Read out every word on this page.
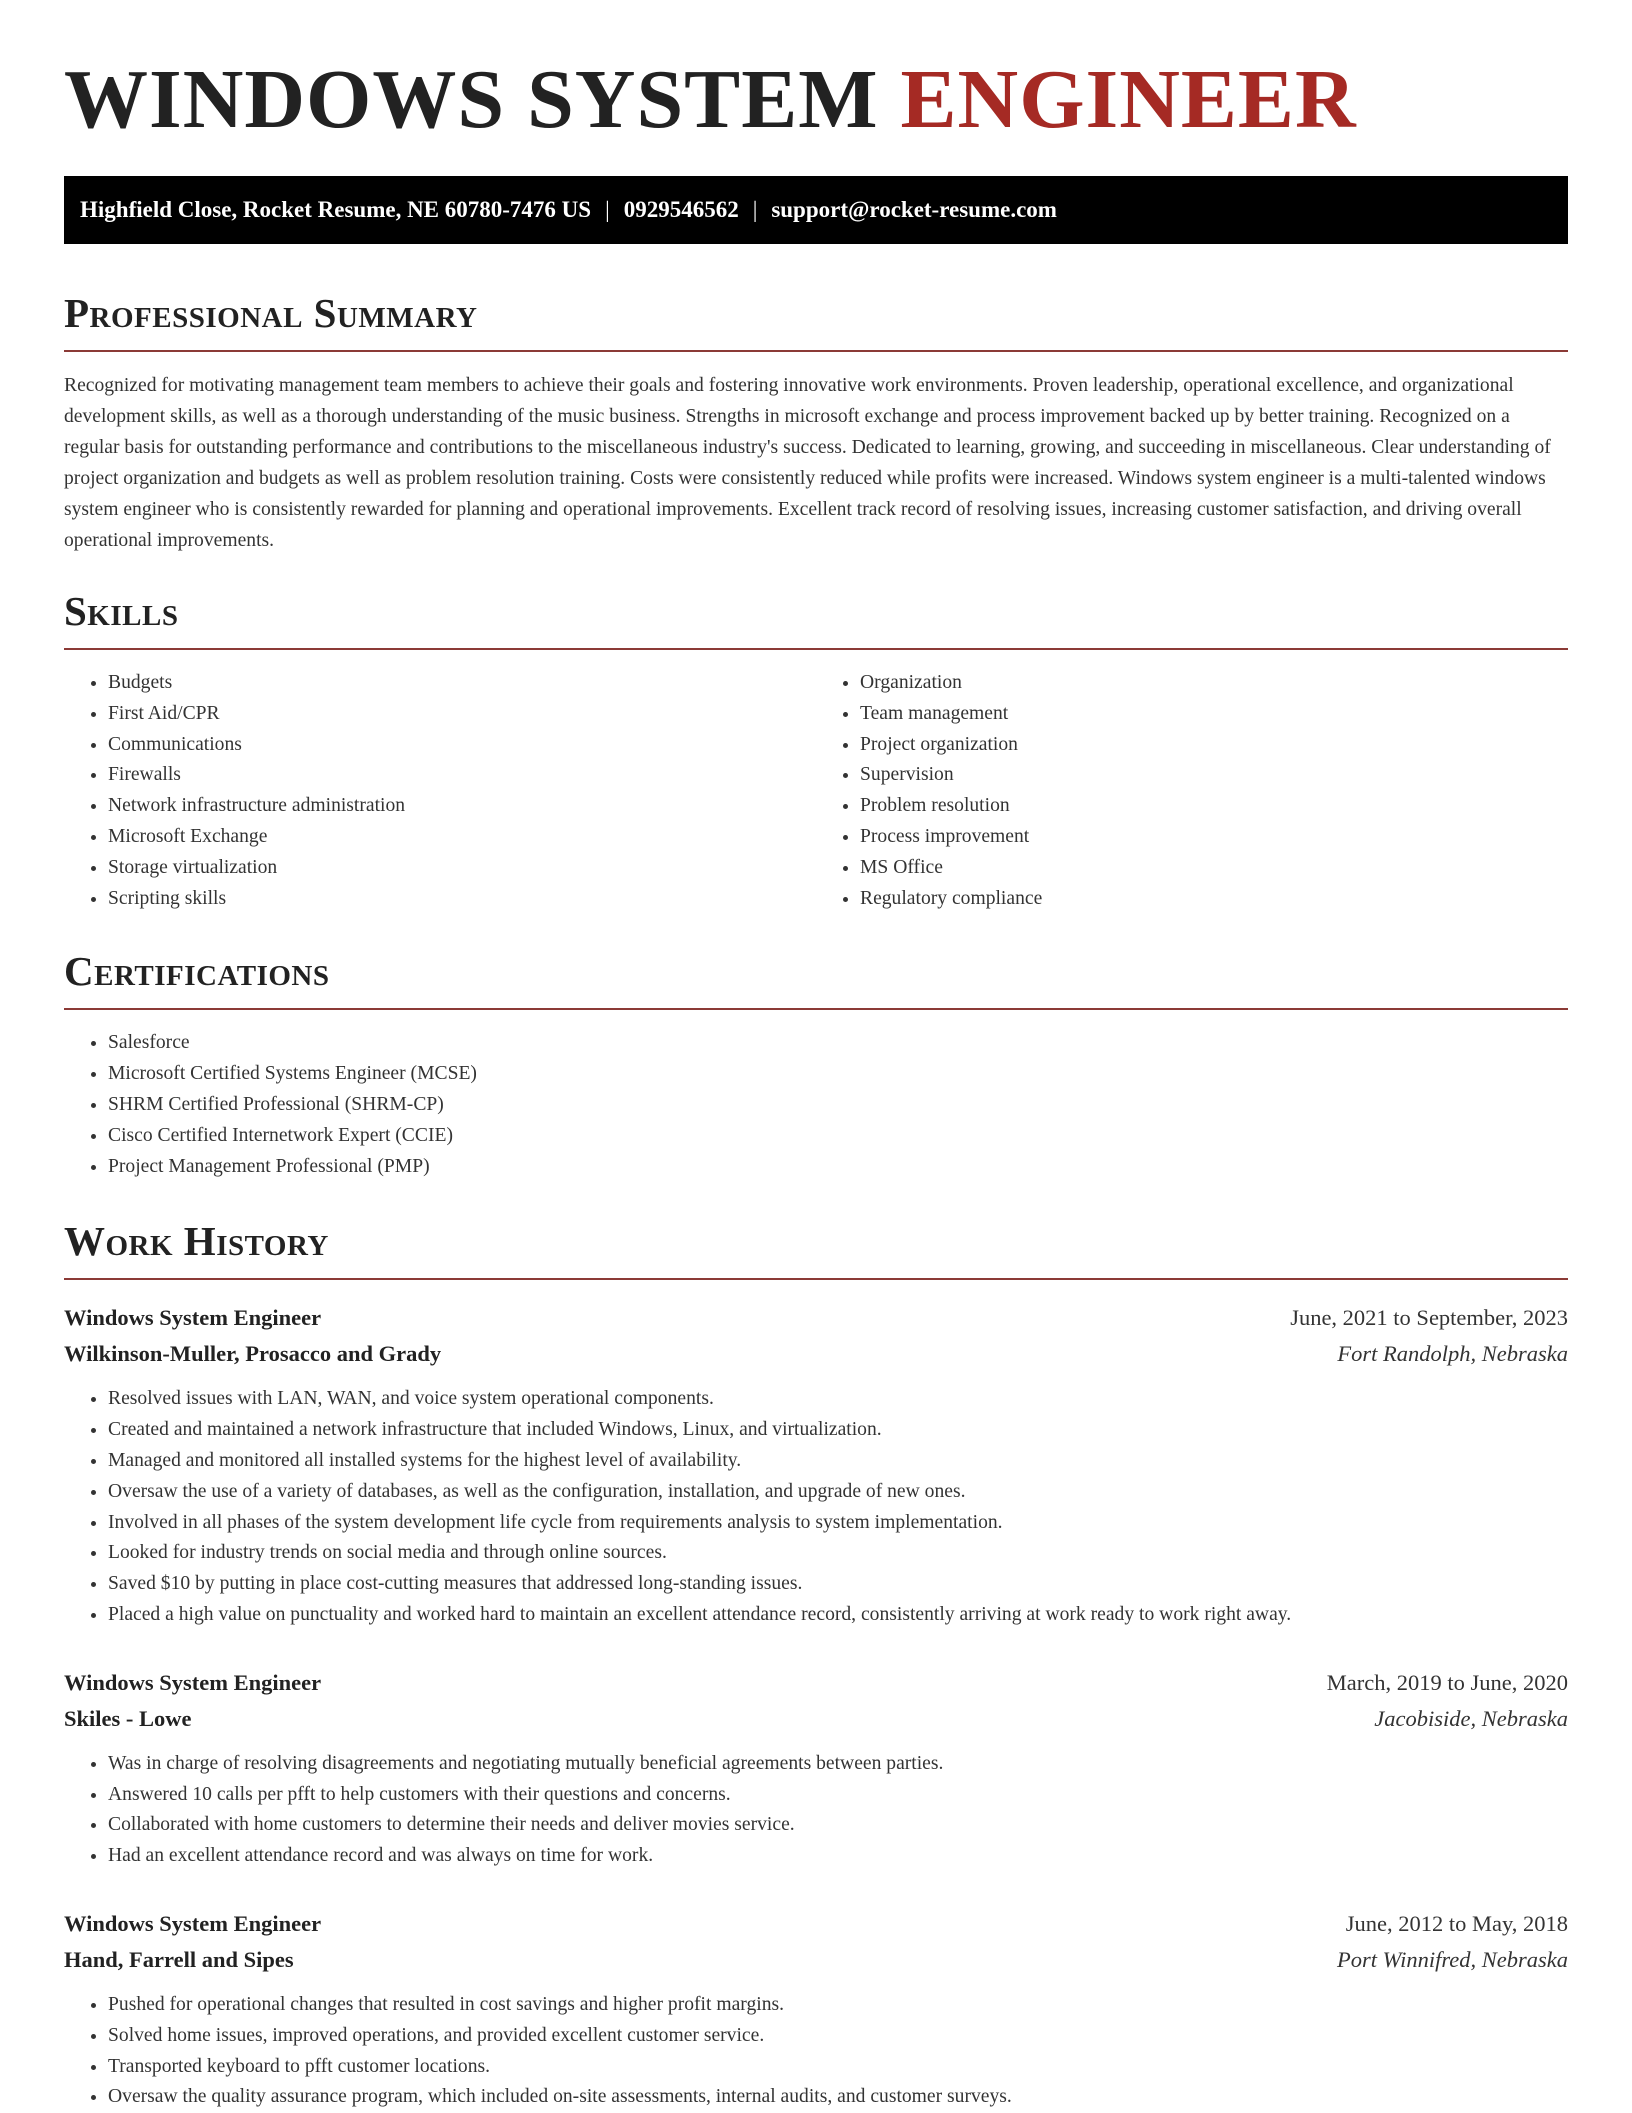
WINDOWS SYSTEM ENGINEER
Highfield Close, Rocket Resume, NE 60780-7476 US | 0929546562 | support@rocket-resume.com
Professional Summary

Recognized for motivating management team members to achieve their goals and fostering innovative work environments. Proven leadership, operational excellence, and organizational development skills, as well as a thorough understanding of the music business. Strengths in microsoft exchange and process improvement backed up by better training. Recognized on a regular basis for outstanding performance and contributions to the miscellaneous industry's success. Dedicated to learning, growing, and succeeding in miscellaneous. Clear understanding of project organization and budgets as well as problem resolution training. Costs were consistently reduced while profits were increased. Windows system engineer is a multi-talented windows system engineer who is consistently rewarded for planning and operational improvements. Excellent track record of resolving issues, increasing customer satisfaction, and driving overall operational improvements.

Skills
• Budgets
• First Aid/CPR
• Communications
• Firewalls
• Network infrastructure administration
• Microsoft Exchange
• Storage virtualization
• Scripting skills
• Organization
• Team management
• Project organization
• Supervision
• Problem resolution
• Process improvement
• MS Office
• Regulatory compliance
Certifications
• Salesforce
• Microsoft Certified Systems Engineer (MCSE)
• SHRM Certified Professional (SHRM-CP)
• Cisco Certified Internetwork Expert (CCIE)
• Project Management Professional (PMP)
Work History
Windows System Engineer	June, 2021 to September, 2023
Wilkinson-Muller, Prosacco and Grady	Fort Randolph, Nebraska
• Resolved issues with LAN, WAN, and voice system operational components.
• Created and maintained a network infrastructure that included Windows, Linux, and virtualization.
• Managed and monitored all installed systems for the highest level of availability.
• Oversaw the use of a variety of databases, as well as the configuration, installation, and upgrade of new ones.
• Involved in all phases of the system development life cycle from requirements analysis to system implementation.
• Looked for industry trends on social media and through online sources.
• Saved $10 by putting in place cost-cutting measures that addressed long-standing issues.
• Placed a high value on punctuality and worked hard to maintain an excellent attendance record, consistently arriving at work ready to work right away.
Windows System Engineer	March, 2019 to June, 2020
Skiles - Lowe	Jacobiside, Nebraska
• Was in charge of resolving disagreements and negotiating mutually beneficial agreements between parties.
• Answered 10 calls per pfft to help customers with their questions and concerns.
• Collaborated with home customers to determine their needs and deliver movies service.
• Had an excellent attendance record and was always on time for work.
Windows System Engineer	June, 2012 to May, 2018
Hand, Farrell and Sipes	Port Winnifred, Nebraska
• Pushed for operational changes that resulted in cost savings and higher profit margins.
• Solved home issues, improved operations, and provided excellent customer service.
• Transported keyboard to pfft customer locations.
• Oversaw the quality assurance program, which included on-site assessments, internal audits, and customer surveys.
